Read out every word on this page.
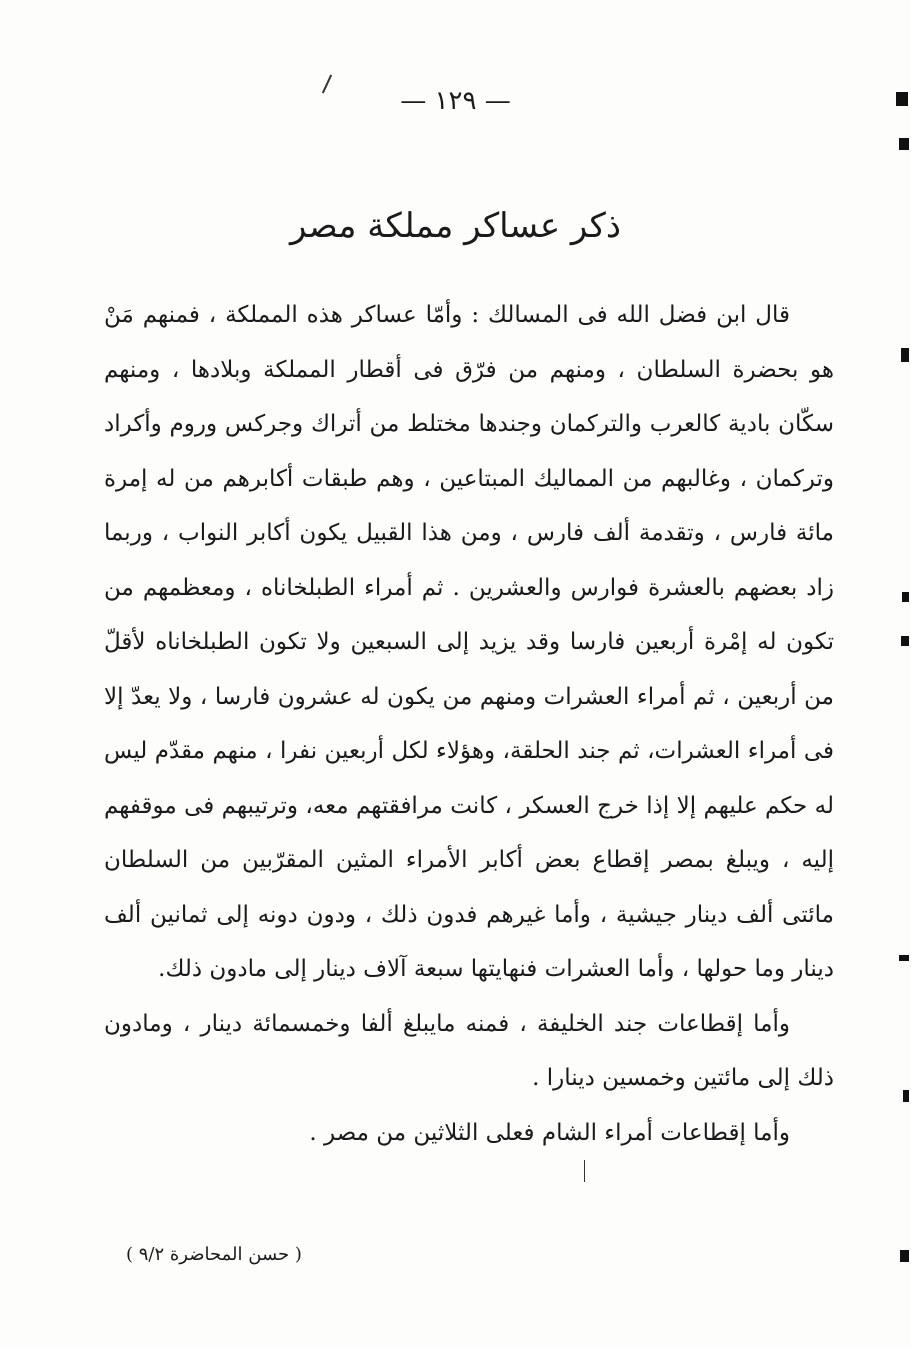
— ١٢٩ —
ذكر عساكر مملكة مصر

قال ابن فضل الله فى المسالك : وأمّا عساكر هذه المملكة ، فمنهم مَنْ هو بحضرة السلطان ، ومنهم من فرّق فى أقطار المملكة وبلادها ، ومنهم سكّان بادية كالعرب والتركمان وجندها مختلط من أتراك وجركس وروم وأكراد وتركمان ، وغالبهم من المماليك المبتاعين ، وهم طبقات أكابرهم من له إمرة مائة فارس ، وتقدمة ألف فارس ، ومن هذا القبيل يكون أكابر النواب ، وربما زاد بعضهم بالعشرة فوارس والعشرين . ثم أمراء الطبلخاناه ، ومعظمهم من تكون له إمْرة أربعين فارسا وقد يزيد إلى السبعين ولا تكون الطبلخاناه لأقلّ من أربعين ، ثم أمراء العشرات ومنهم من يكون له عشرون فارسا ، ولا يعدّ إلا فى أمراء العشرات، ثم جند الحلقة، وهؤلاء لكل أربعين نفرا ، منهم مقدّم ليس له حكم عليهم إلا إذا خرج العسكر ، كانت مرافقتهم معه، وترتيبهم فى موقفهم إليه ، ويبلغ بمصر إقطاع بعض أكابر الأمراء المثين المقرّبين من السلطان مائتى ألف دينار جيشية ، وأما غيرهم فدون ذلك ، ودون دونه إلى ثمانين ألف دينار وما حولها ، وأما العشرات فنهايتها سبعة آلاف دينار إلى مادون ذلك.

وأما إقطاعات جند الخليفة ، فمنه مايبلغ ألفا وخمسمائة دينار ، ومادون ذلك إلى مائتين وخمسين دينارا .

وأما إقطاعات أمراء الشام فعلى الثلاثين من مصر .

( حسن المحاضرة ٩/٢ )
